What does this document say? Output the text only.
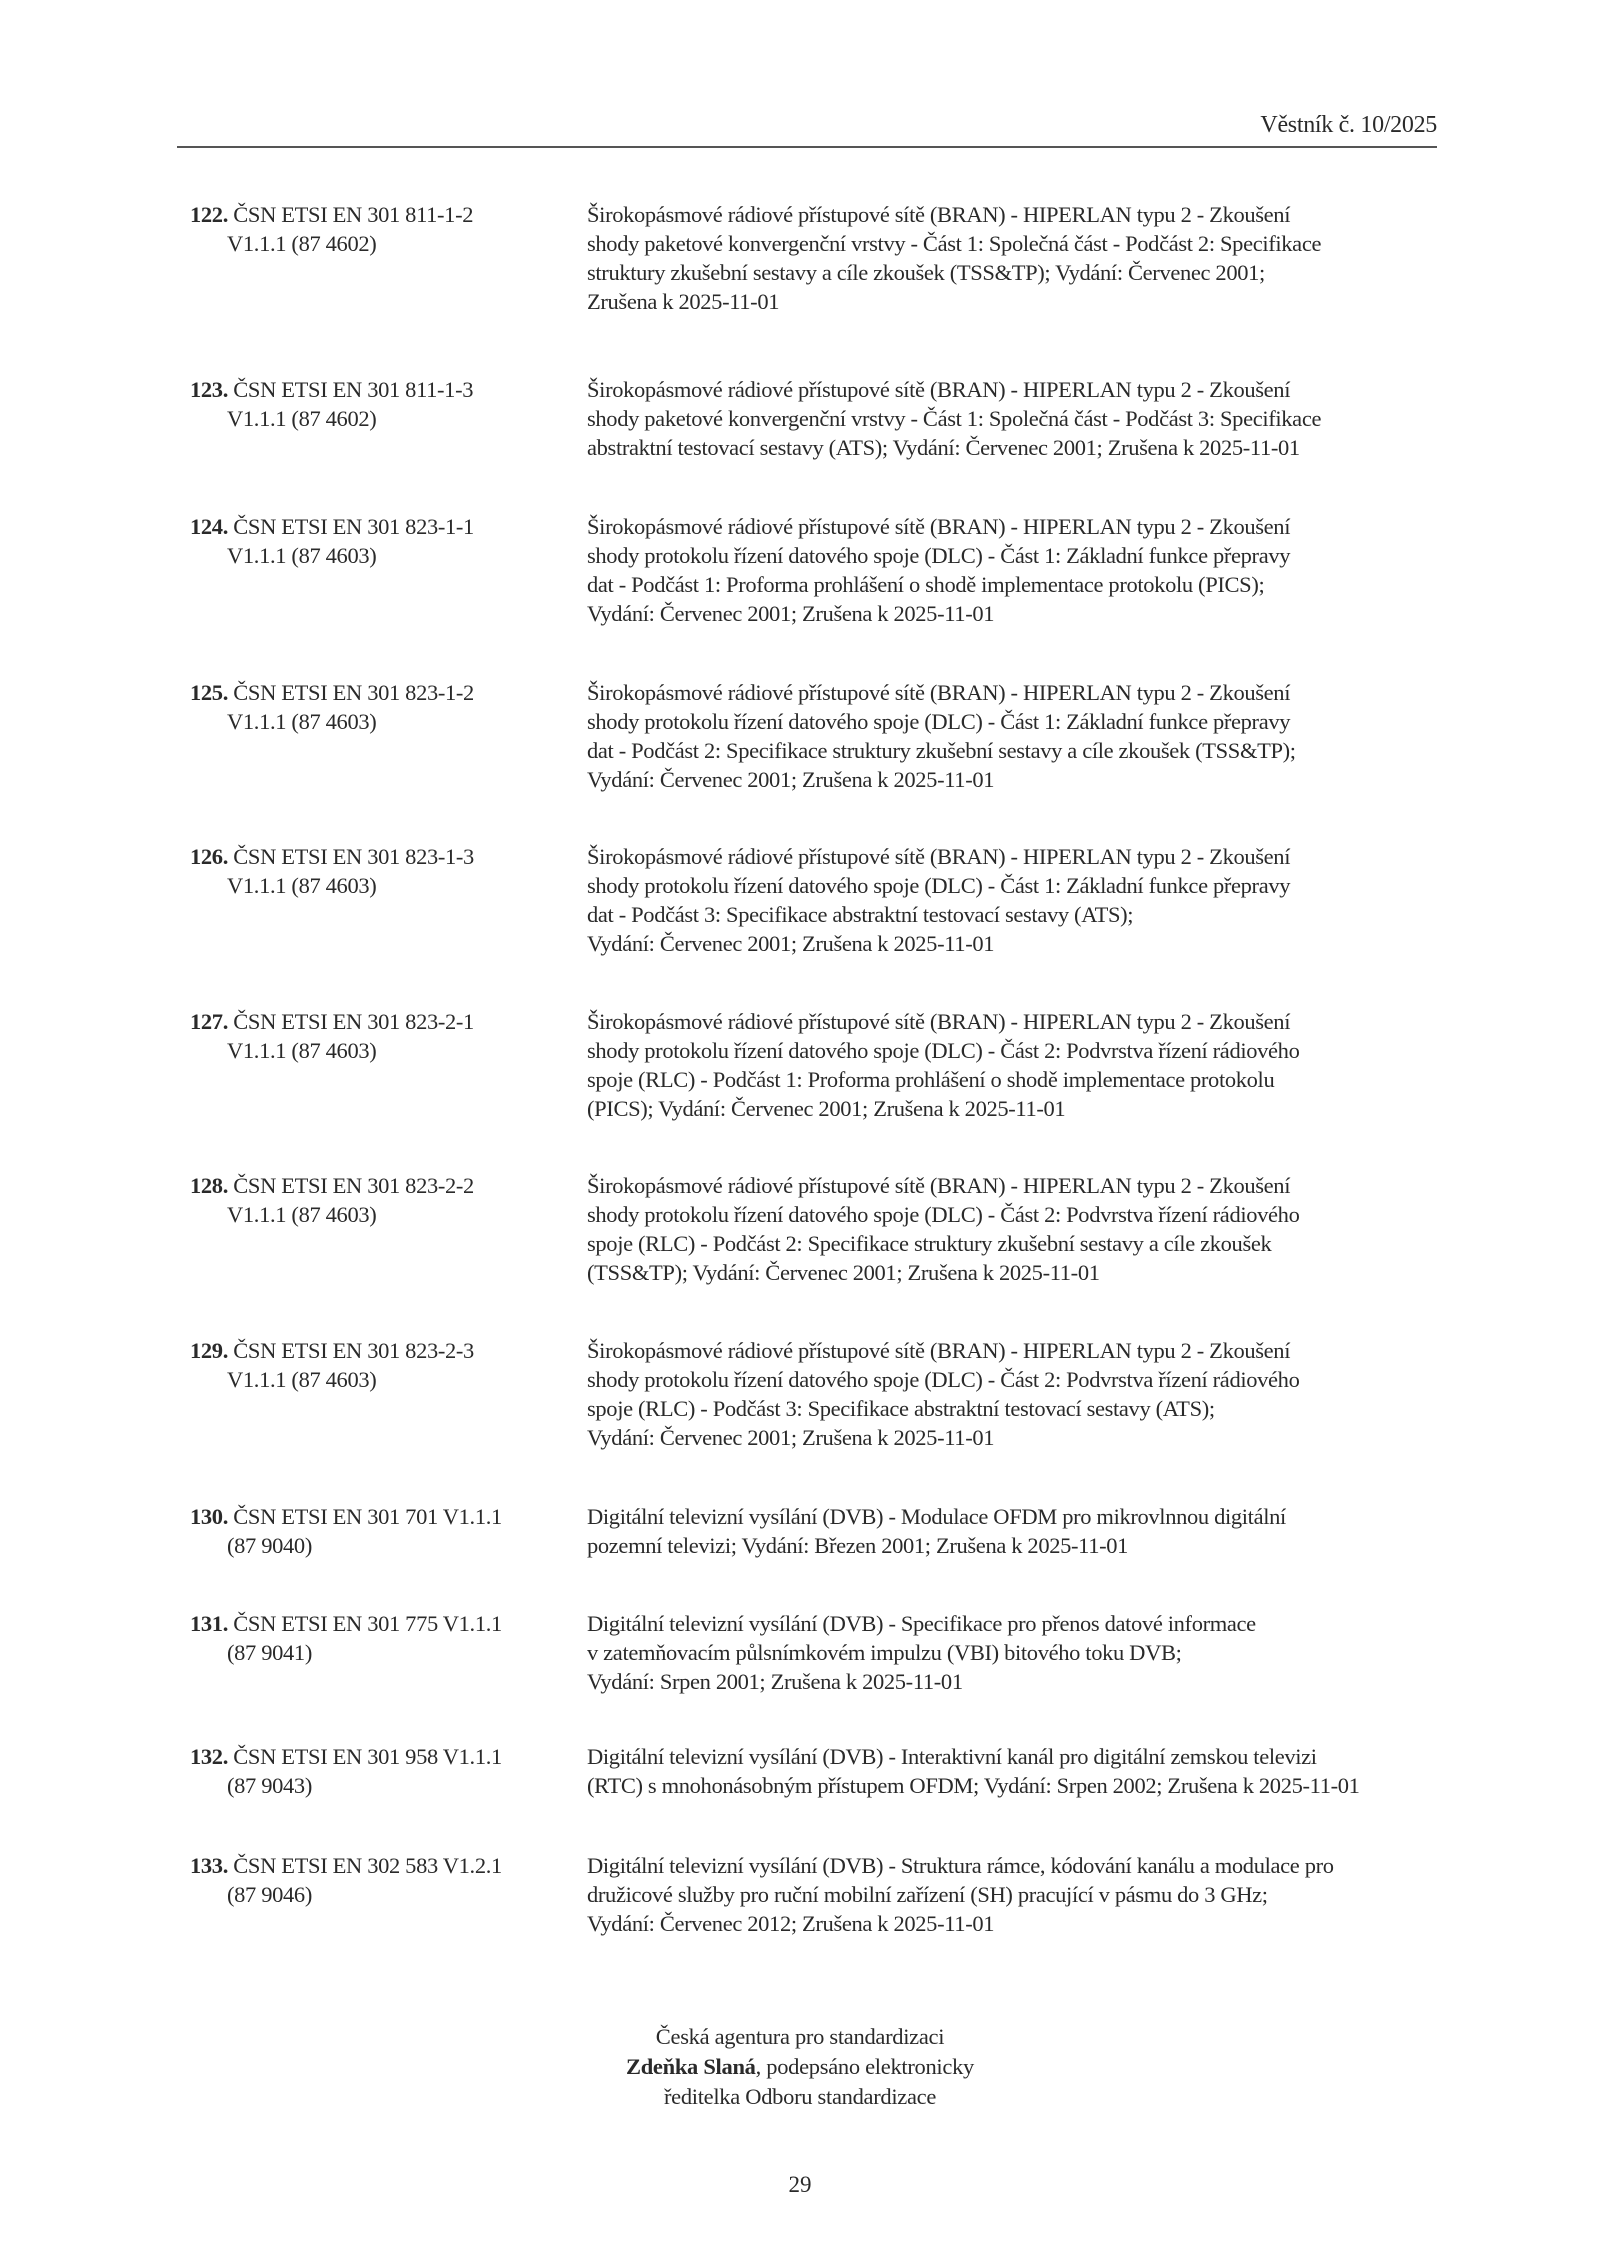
Věstník č. 10/2025
122. ČSN ETSI EN 301 811-1-2
V1.1.1 (87 4602)
Širokopásmové rádiové přístupové sítě (BRAN) - HIPERLAN typu 2 - Zkoušení
shody paketové konvergenční vrstvy - Část 1: Společná část - Podčást 2: Specifikace
struktury zkušební sestavy a cíle zkoušek (TSS&TP); Vydání: Červenec 2001;
Zrušena k 2025-11-01
123. ČSN ETSI EN 301 811-1-3
V1.1.1 (87 4602)
Širokopásmové rádiové přístupové sítě (BRAN) - HIPERLAN typu 2 - Zkoušení
shody paketové konvergenční vrstvy - Část 1: Společná část - Podčást 3: Specifikace
abstraktní testovací sestavy (ATS); Vydání: Červenec 2001; Zrušena k 2025-11-01
124. ČSN ETSI EN 301 823-1-1
V1.1.1 (87 4603)
Širokopásmové rádiové přístupové sítě (BRAN) - HIPERLAN typu 2 - Zkoušení
shody protokolu řízení datového spoje (DLC) - Část 1: Základní funkce přepravy
dat - Podčást 1: Proforma prohlášení o shodě implementace protokolu (PICS);
Vydání: Červenec 2001; Zrušena k 2025-11-01
125. ČSN ETSI EN 301 823-1-2
V1.1.1 (87 4603)
Širokopásmové rádiové přístupové sítě (BRAN) - HIPERLAN typu 2 - Zkoušení
shody protokolu řízení datového spoje (DLC) - Část 1: Základní funkce přepravy
dat - Podčást 2: Specifikace struktury zkušební sestavy a cíle zkoušek (TSS&TP);
Vydání: Červenec 2001; Zrušena k 2025-11-01
126. ČSN ETSI EN 301 823-1-3
V1.1.1 (87 4603)
Širokopásmové rádiové přístupové sítě (BRAN) - HIPERLAN typu 2 - Zkoušení
shody protokolu řízení datového spoje (DLC) - Část 1: Základní funkce přepravy
dat - Podčást 3: Specifikace abstraktní testovací sestavy (ATS);
Vydání: Červenec 2001; Zrušena k 2025-11-01
127. ČSN ETSI EN 301 823-2-1
V1.1.1 (87 4603)
Širokopásmové rádiové přístupové sítě (BRAN) - HIPERLAN typu 2 - Zkoušení
shody protokolu řízení datového spoje (DLC) - Část 2: Podvrstva řízení rádiového
spoje (RLC) - Podčást 1: Proforma prohlášení o shodě implementace protokolu
(PICS); Vydání: Červenec 2001; Zrušena k 2025-11-01
128. ČSN ETSI EN 301 823-2-2
V1.1.1 (87 4603)
Širokopásmové rádiové přístupové sítě (BRAN) - HIPERLAN typu 2 - Zkoušení
shody protokolu řízení datového spoje (DLC) - Část 2: Podvrstva řízení rádiového
spoje (RLC) - Podčást 2: Specifikace struktury zkušební sestavy a cíle zkoušek
(TSS&TP); Vydání: Červenec 2001; Zrušena k 2025-11-01
129. ČSN ETSI EN 301 823-2-3
V1.1.1 (87 4603)
Širokopásmové rádiové přístupové sítě (BRAN) - HIPERLAN typu 2 - Zkoušení
shody protokolu řízení datového spoje (DLC) - Část 2: Podvrstva řízení rádiového
spoje (RLC) - Podčást 3: Specifikace abstraktní testovací sestavy (ATS);
Vydání: Červenec 2001; Zrušena k 2025-11-01
130. ČSN ETSI EN 301 701 V1.1.1
(87 9040)
Digitální televizní vysílání (DVB) - Modulace OFDM pro mikrovlnnou digitální
pozemní televizi; Vydání: Březen 2001; Zrušena k 2025-11-01
131. ČSN ETSI EN 301 775 V1.1.1
(87 9041)
Digitální televizní vysílání (DVB) - Specifikace pro přenos datové informace
v zatemňovacím půlsnímkovém impulzu (VBI) bitového toku DVB;
Vydání: Srpen 2001; Zrušena k 2025-11-01
132. ČSN ETSI EN 301 958 V1.1.1
(87 9043)
Digitální televizní vysílání (DVB) - Interaktivní kanál pro digitální zemskou televizi
(RTC) s mnohonásobným přístupem OFDM; Vydání: Srpen 2002; Zrušena k 2025-11-01
133. ČSN ETSI EN 302 583 V1.2.1
(87 9046)
Digitální televizní vysílání (DVB) - Struktura rámce, kódování kanálu a modulace pro
družicové služby pro ruční mobilní zařízení (SH) pracující v pásmu do 3 GHz;
Vydání: Červenec 2012; Zrušena k 2025-11-01
Česká agentura pro standardizaci
Zdeňka Slaná, podepsáno elektronicky
ředitelka Odboru standardizace
29
